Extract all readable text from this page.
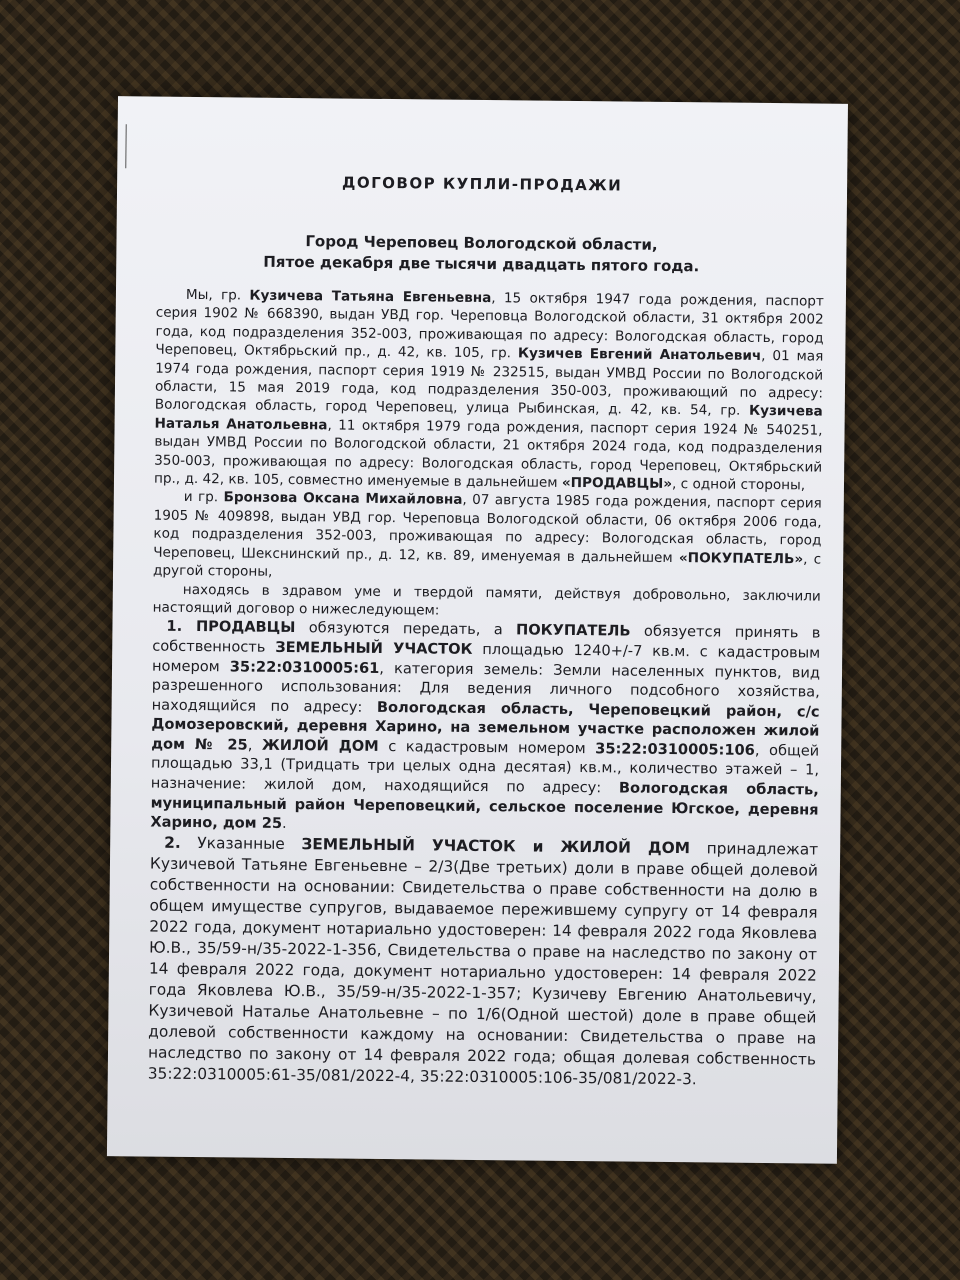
ДОГОВОР КУПЛИ-ПРОДАЖИ
Город Череповец Вологодской области,
Пятое декабря две тысячи двадцать пятого года.

Мы, гр. Кузичева Татьяна Евгеньевна, 15 октября 1947 года рождения, паспорт серия 1902 № 668390, выдан УВД гор. Череповца Вологодской области, 31 октября 2002 года, код подразделения 352-003, проживающая по адресу: Вологодская область, город Череповец, Октябрьский пр., д. 42, кв. 105, гр. Кузичев Евгений Анатольевич, 01 мая 1974 года рождения, паспорт серия 1919 № 232515, выдан УМВД России по Вологодской области, 15 мая 2019 года, код подразделения 350-003, проживающий по адресу: Вологодская область, город Череповец, улица Рыбинская, д. 42, кв. 54, гр. Кузичева Наталья Анатольевна, 11 октября 1979 года рождения, паспорт серия 1924 № 540251, выдан УМВД России по Вологодской области, 21 октября 2024 года, код подразделения 350-003, проживающая по адресу: Вологодская область, город Череповец, Октябрьский пр., д. 42, кв. 105, совместно именуемые в дальнейшем «ПРОДАВЦЫ», с одной стороны,

и гр. Бронзова Оксана Михайловна, 07 августа 1985 года рождения, паспорт серия 1905 № 409898, выдан УВД гор. Череповца Вологодской области, 06 октября 2006 года, код подразделения 352-003, проживающая по адресу: Вологодская область, город Череповец, Шекснинский пр., д. 12, кв. 89, именуемая в дальнейшем «ПОКУПАТЕЛЬ», с другой стороны,

находясь в здравом уме и твердой памяти, действуя добровольно, заключили настоящий договор о нижеследующем:

1. ПРОДАВЦЫ обязуются передать, а ПОКУПАТЕЛЬ обязуется принять в собственность ЗЕМЕЛЬНЫЙ УЧАСТОК площадью 1240+/-7 кв.м. с кадастровым номером 35:22:0310005:61, категория земель: Земли населенных пунктов, вид разрешенного использования: Для ведения личного подсобного хозяйства, находящийся по адресу: Вологодская область, Череповецкий район, с/с Домозеровский, деревня Харино, на земельном участке расположен жилой дом № 25, ЖИЛОЙ ДОМ с кадастровым номером 35:22:0310005:106, общей площадью 33,1 (Тридцать три целых одна десятая) кв.м., количество этажей – 1, назначение: жилой дом, находящийся по адресу: Вологодская область, муниципальный район Череповецкий, сельское поселение Югское, деревня Харино, дом 25.

2. Указанные ЗЕМЕЛЬНЫЙ УЧАСТОК и ЖИЛОЙ ДОМ принадлежат Кузичевой Татьяне Евгеньевне – 2/3(Две третьих) доли в праве общей долевой собственности на основании: Свидетельства о праве собственности на долю в общем имуществе супругов, выдаваемое пережившему супругу от 14 февраля 2022 года, документ нотариально удостоверен: 14 февраля 2022 года Яковлева Ю.В., 35/59-н/35-2022-1-356, Свидетельства о праве на наследство по закону от 14 февраля 2022 года, документ нотариально удостоверен: 14 февраля 2022 года Яковлева Ю.В., 35/59-н/35-2022-1-357; Кузичеву Евгению Анатольевичу, Кузичевой Наталье Анатольевне – по 1/6(Одной шестой) доле в праве общей долевой собственности каждому на основании: Свидетельства о праве на наследство по закону от 14 февраля 2022 года; общая долевая собственность 35:22:0310005:61-35/081/2022-4, 35:22:0310005:106-35/081/2022-3.
